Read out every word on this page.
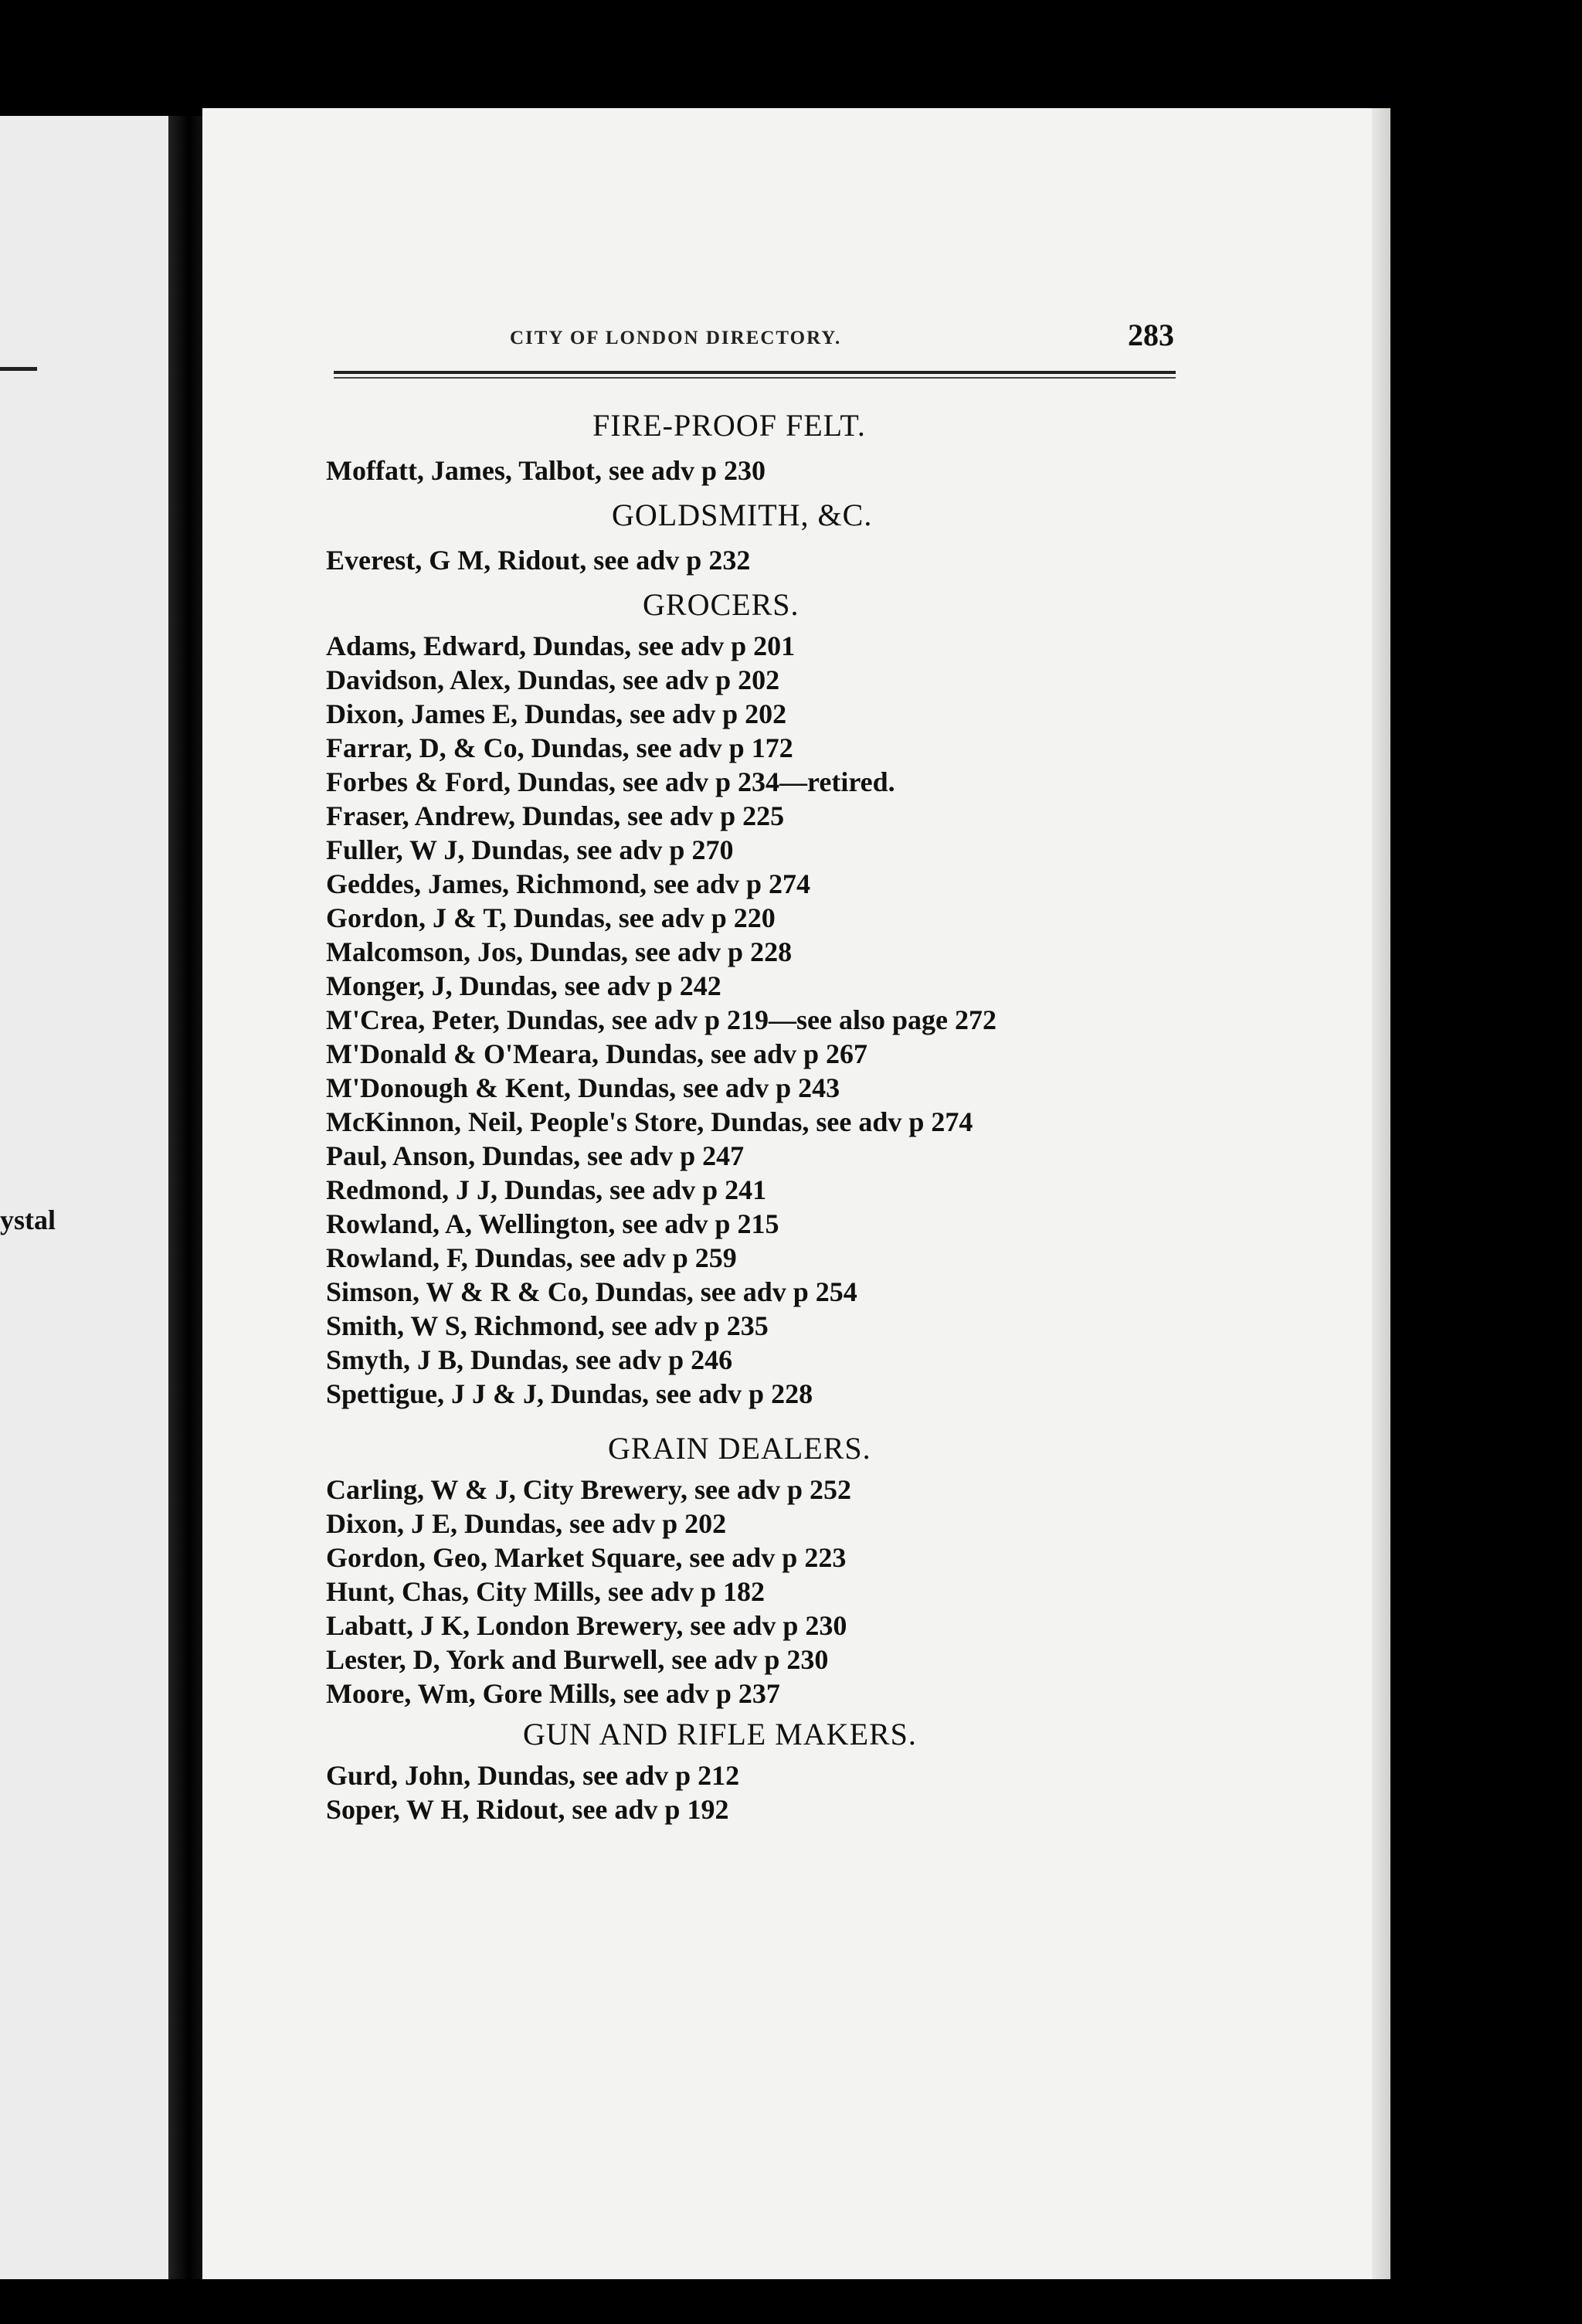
ystal
CITY OF LONDON DIRECTORY.	283
FIRE-PROOF FELT.
Moffatt, James, Talbot, see adv p 230
GOLDSMITH, &C.
Everest, G M, Ridout, see adv p 232
GROCERS.
Adams, Edward, Dundas, see adv p 201
Davidson, Alex, Dundas, see adv p 202
Dixon, James E, Dundas, see adv p 202
Farrar, D, & Co, Dundas, see adv p 172
Forbes & Ford, Dundas, see adv p 234—retired.
Fraser, Andrew, Dundas, see adv p 225
Fuller, W J, Dundas, see adv p 270
Geddes, James, Richmond, see adv p 274
Gordon, J & T, Dundas, see adv p 220
Malcomson, Jos, Dundas, see adv p 228
Monger, J, Dundas, see adv p 242
M'Crea, Peter, Dundas, see adv p 219—see also page 272
M'Donald & O'Meara, Dundas, see adv p 267
M'Donough & Kent, Dundas, see adv p 243
McKinnon, Neil, People's Store, Dundas, see adv p 274
Paul, Anson, Dundas, see adv p 247
Redmond, J J, Dundas, see adv p 241
Rowland, A, Wellington, see adv p 215
Rowland, F, Dundas, see adv p 259
Simson, W & R & Co, Dundas, see adv p 254
Smith, W S, Richmond, see adv p 235
Smyth, J B, Dundas, see adv p 246
Spettigue, J J & J, Dundas, see adv p 228
GRAIN DEALERS.
Carling, W & J, City Brewery, see adv p 252
Dixon, J E, Dundas, see adv p 202
Gordon, Geo, Market Square, see adv p 223
Hunt, Chas, City Mills, see adv p 182
Labatt, J K, London Brewery, see adv p 230
Lester, D, York and Burwell, see adv p 230
Moore, Wm, Gore Mills, see adv p 237
GUN AND RIFLE MAKERS.
Gurd, John, Dundas, see adv p 212
Soper, W H, Ridout, see adv p 192
